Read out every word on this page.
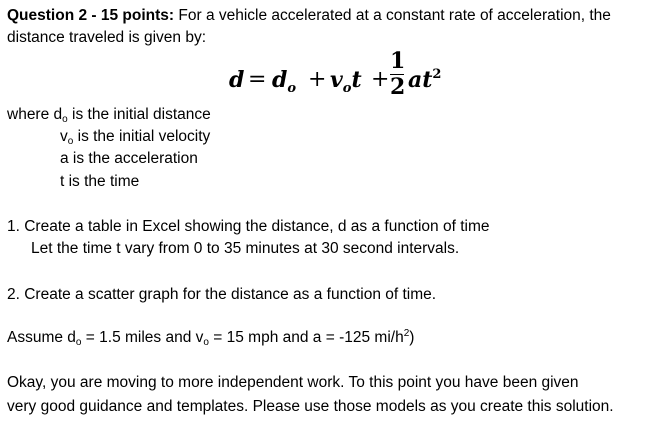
Question 2 - 15 points: For a vehicle accelerated at a constant rate of acceleration, the
distance traveled is given by:
$d = d_o + v_ot$ +
1
2 $at^2$
where $d_o$ is the initial distance
$v_o$ is the initial velocity
a is the acceleration
t is the time
1. Create a table in Excel showing the distance, d as a function of time
Let the time t vary from 0 to 35 minutes at 30 second intervals.
2. Create a scatter graph for the distance as a function of time.
Assume $d_o = 1.5$ miles and $v_o = 15$ mph and a = -125 $mi/h^2$)
Okay, you are moving to more independent work. To this point you have been given
very good guidance and templates. Please use those models as you create this solution.
